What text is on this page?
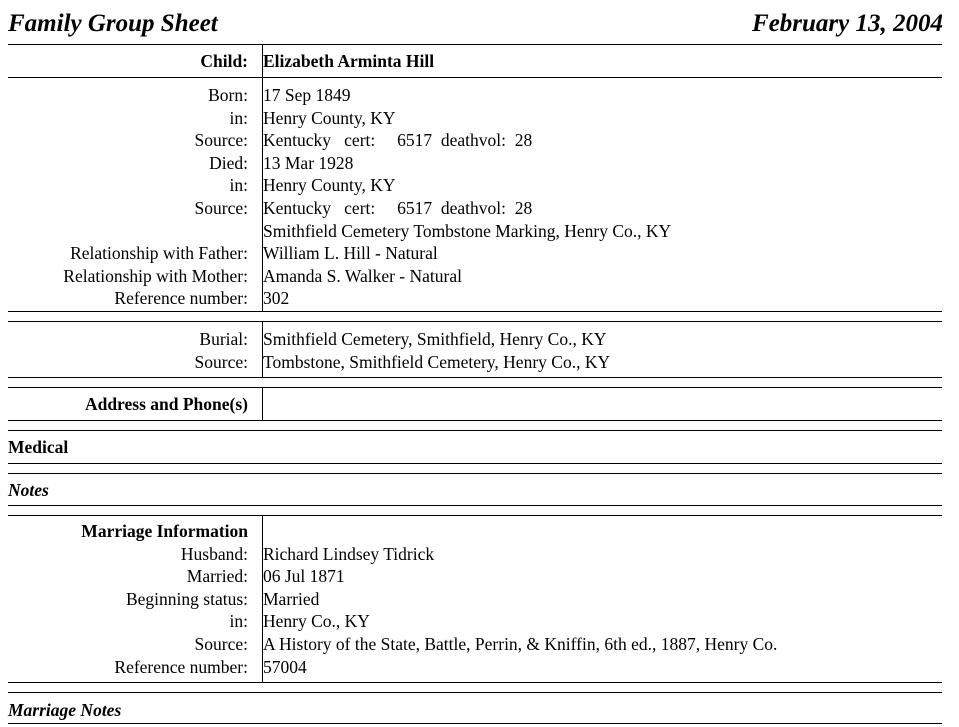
Family Group Sheet	February 13, 2004
Child: Elizabeth Arminta Hill
Born: 17 Sep 1849
in: Henry County, KY
Source: Kentucky   cert:     6517  deathvol:  28
Died: 13 Mar 1928
in: Henry County, KY
Source: Kentucky   cert:     6517  deathvol:  28
Smithfield Cemetery Tombstone Marking, Henry Co., KY
Relationship with Father: William L. Hill - Natural
Relationship with Mother: Amanda S. Walker - Natural
Reference number: 302
Burial: Smithfield Cemetery, Smithfield, Henry Co., KY
Source: Tombstone, Smithfield Cemetery, Henry Co., KY
Address and Phone(s)
Medical
Notes
Marriage Information
Husband: Richard Lindsey Tidrick
Married: 06 Jul 1871
Beginning status: Married
in: Henry Co., KY
Source: A History of the State, Battle, Perrin, & Kniffin, 6th ed., 1887, Henry Co.
Reference number: 57004
Marriage Notes
